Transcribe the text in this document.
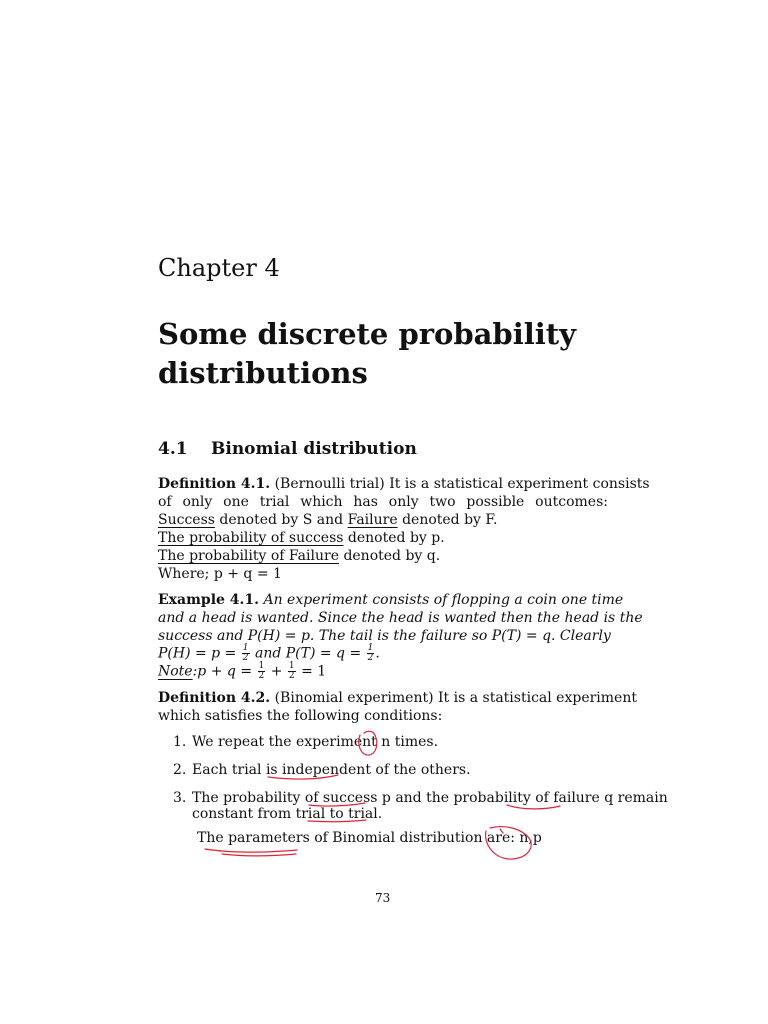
Chapter 4
Some discrete probability
distributions
4.1 Binomial distribution
Definition 4.1. (Bernoulli trial) It is a statistical experiment consists
of only one trial which has only two possible outcomes:
Success denoted by S and Failure denoted by F.
The probability of success denoted by p.
The probability of Failure denoted by q.
Where; p + q = 1
Example 4.1. An experiment consists of flopping a coin one time
and a head is wanted. Since the head is wanted then the head is the
success and P(H) = p. The tail is the failure so P(T) = q. Clearly
$P(H) = p = \frac{1}{2}$ and $P(T) = q = \frac{1}{2}$ .
Note:p + $q = \frac{1}{2} + \frac{1}{2} = 1$
Definition 4.2. (Binomial experiment) It is a statistical experiment
which satisfies the following conditions:
1. We repeat the experiment n times.
2. Each trial is independent of the others.
3. The probability of success p and the probability of failure q remain
constant from trial to trial.
The parameters of Binomial distribution are: n,p
73
